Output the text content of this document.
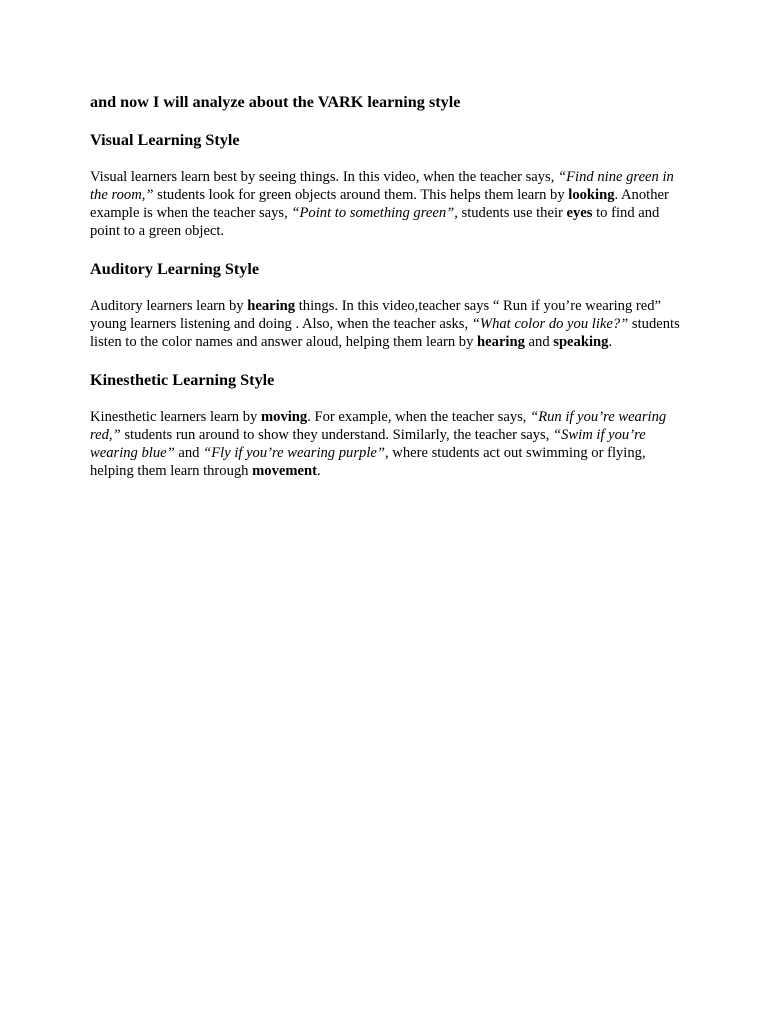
and now I will analyze about the VARK learning style
Visual Learning Style

Visual learners learn best by seeing things. In this video, when the teacher says, “Find nine green in the room,” students look for green objects around them. This helps them learn by looking. Another example is when the teacher says, “Point to something green”, students use their eyes to find and point to a green object.

Auditory Learning Style

Auditory learners learn by hearing things. In this video,teacher says “ Run if you’re wearing red” young learners listening and doing . Also, when the teacher asks, “What color do you like?” students listen to the color names and answer aloud, helping them learn by hearing and speaking.

Kinesthetic Learning Style

Kinesthetic learners learn by moving. For example, when the teacher says, “Run if you’re wearing red,” students run around to show they understand. Similarly, the teacher says, “Swim if you’re wearing blue” and “Fly if you’re wearing purple”, where students act out swimming or flying, helping them learn through movement.
